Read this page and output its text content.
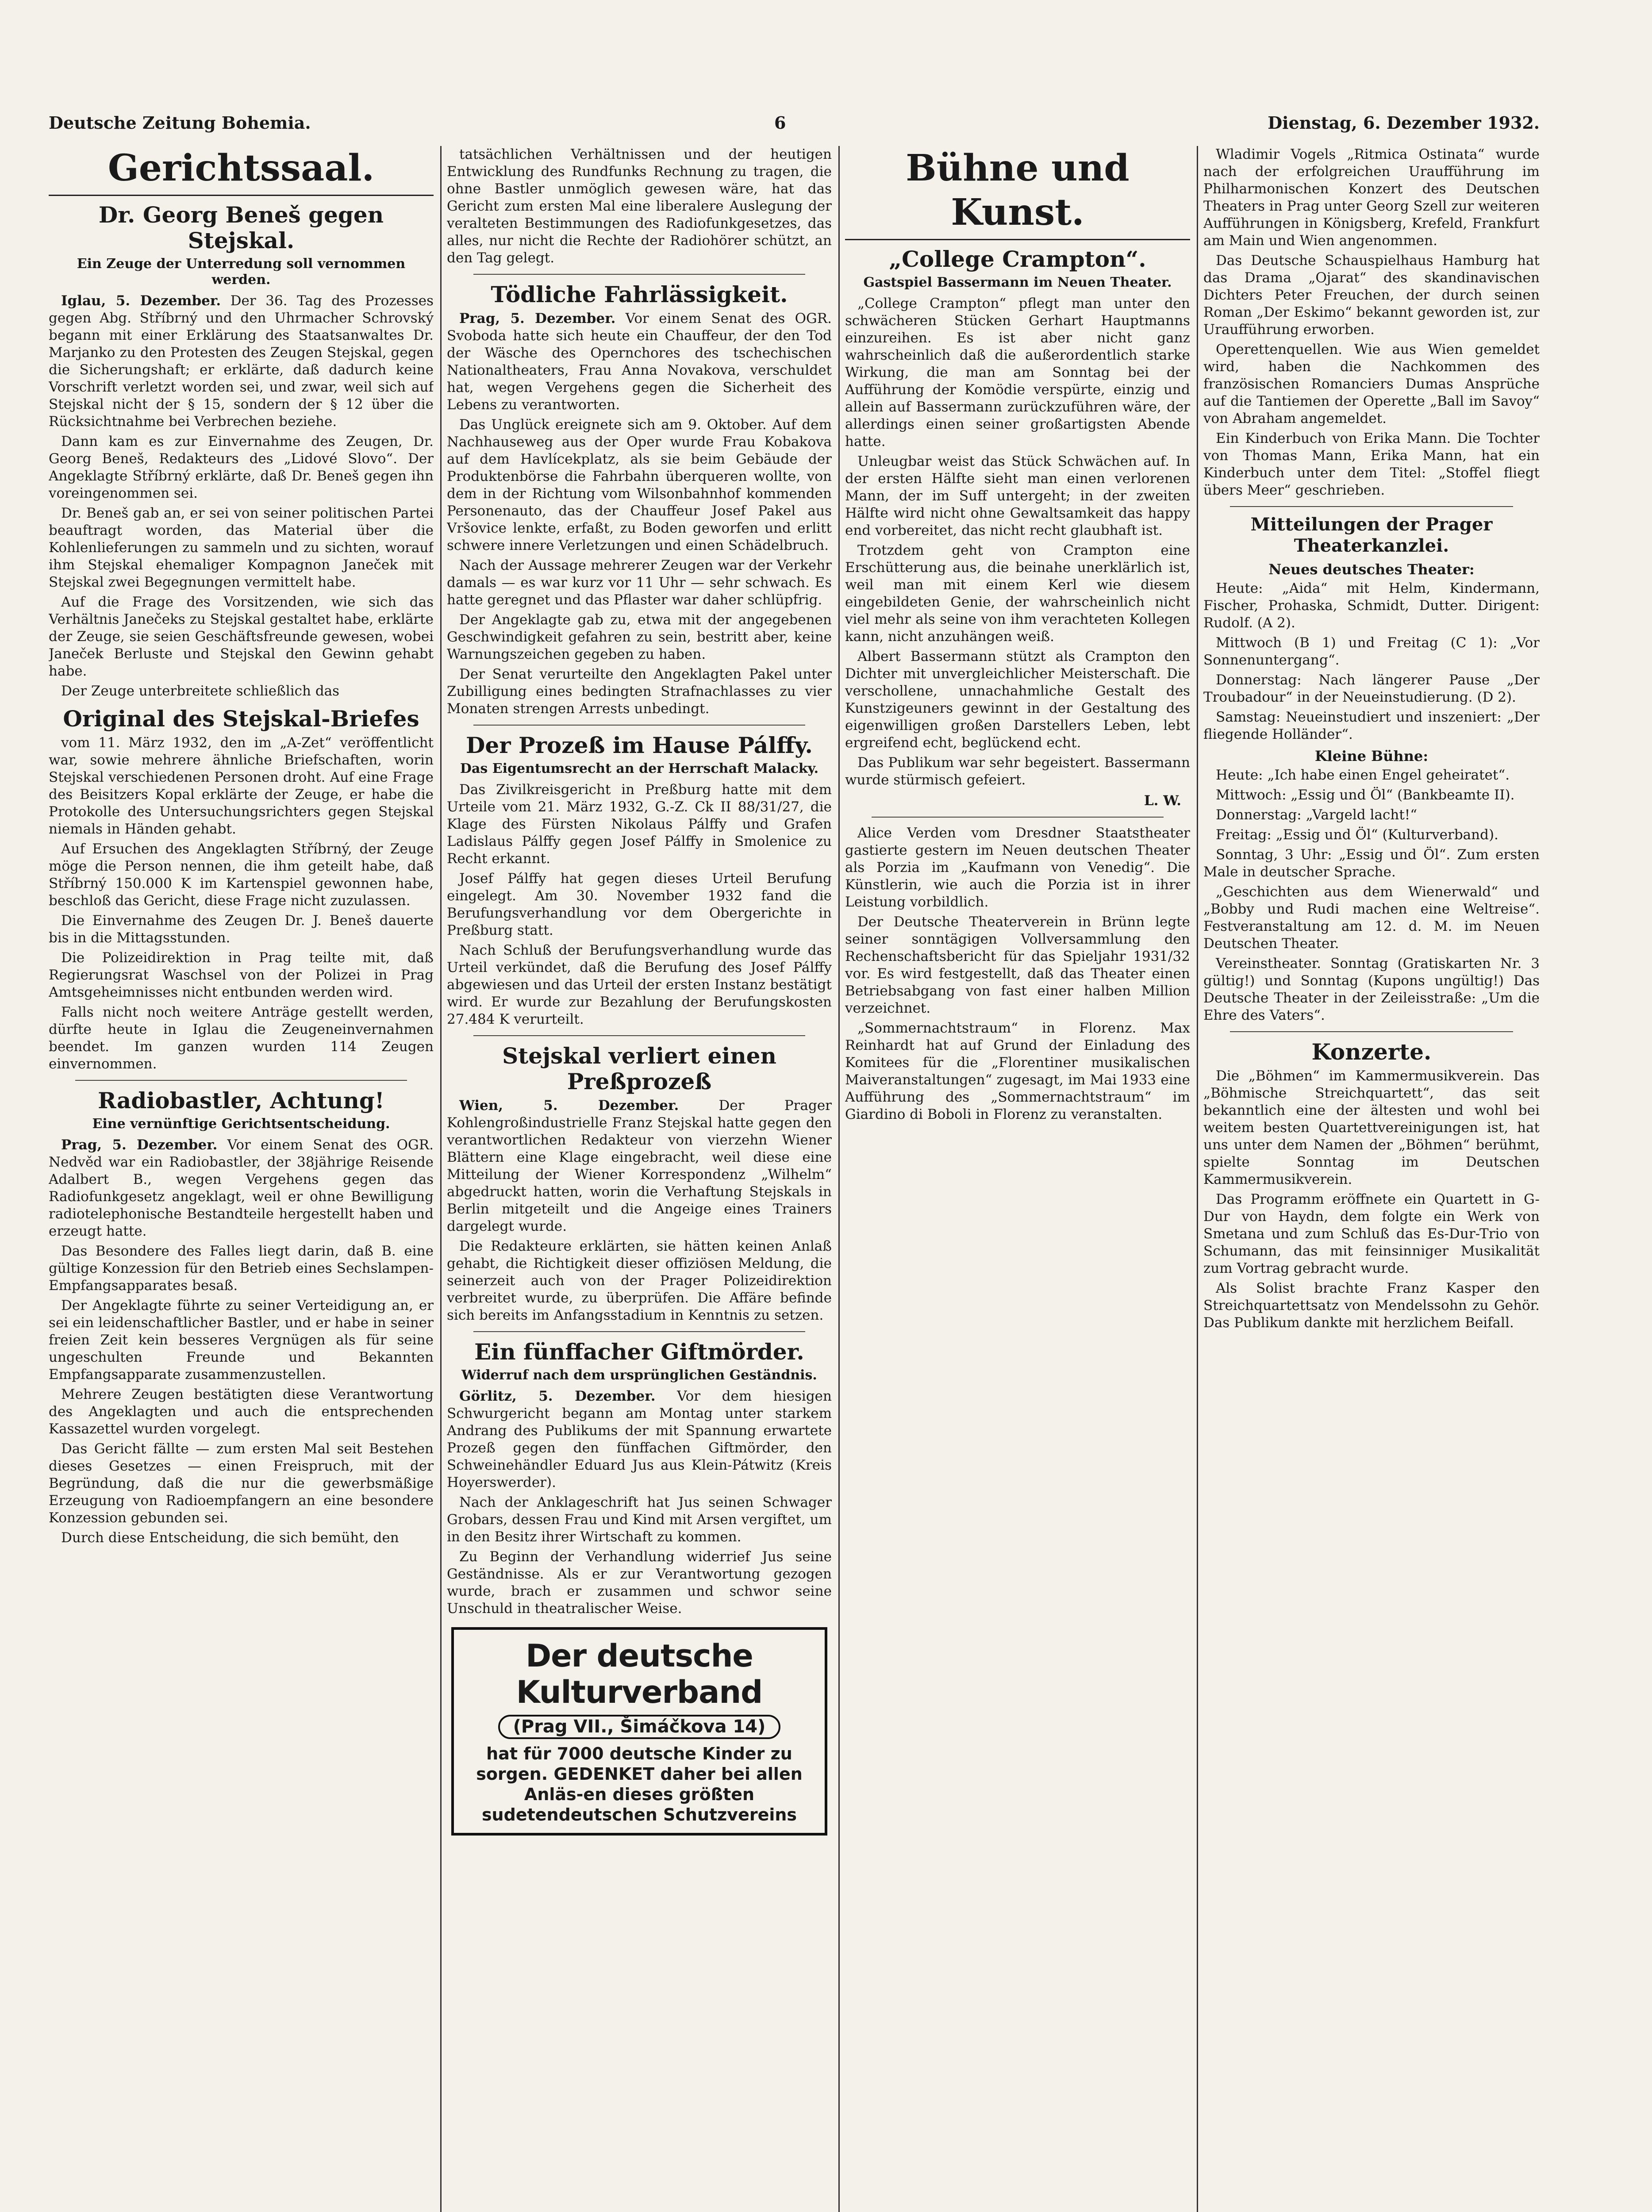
Deutsche Zeitung Bohemia.	6	Dienstag, 6. Dezember 1932.
Gerichtssaal.
Dr. Georg Beneš gegen Stejskal.
Ein Zeuge der Unterredung soll vernommen werden.

Iglau, 5. Dezember. Der 36. Tag des Prozesses gegen Abg. Stříbrný und den Uhrmacher Schrovský begann mit einer Erklärung des Staatsanwaltes Dr. Marjanko zu den Protesten des Zeugen Stejskal, gegen die Sicherungshaft; er erklärte, daß dadurch keine Vorschrift verletzt worden sei, und zwar, weil sich auf Stejskal nicht der § 15, sondern der § 12 über die Rücksichtnahme bei Verbrechen beziehe.

Dann kam es zur Einvernahme des Zeugen, Dr. Georg Beneš, Redakteurs des „Lidové Slovo“. Der Angeklagte Stříbrný erklärte, daß Dr. Beneš gegen ihn voreingenommen sei.

Dr. Beneš gab an, er sei von seiner politischen Partei beauftragt worden, das Material über die Kohlenlieferungen zu sammeln und zu sichten, worauf ihm Stejskal ehemaliger Kompagnon Janeček mit Stejskal zwei Begegnungen vermittelt habe.

Auf die Frage des Vorsitzenden, wie sich das Verhältnis Janečeks zu Stejskal gestaltet habe, erklärte der Zeuge, sie seien Geschäftsfreunde gewesen, wobei Janeček Berluste und Stejskal den Gewinn gehabt habe.

Der Zeuge unterbreitete schließlich das

Original des Stejskal-Briefes

vom 11. März 1932, den im „A-Zet“ veröffentlicht war, sowie mehrere ähnliche Briefschaften, worin Stejskal verschiedenen Personen droht. Auf eine Frage des Beisitzers Kopal erklärte der Zeuge, er habe die Protokolle des Untersuchungsrichters gegen Stejskal niemals in Händen gehabt.

Auf Ersuchen des Angeklagten Stříbrný, der Zeuge möge die Person nennen, die ihm geteilt habe, daß Stříbrný 150.000 K im Kartenspiel gewonnen habe, beschloß das Gericht, diese Frage nicht zuzulassen.

Die Einvernahme des Zeugen Dr. J. Beneš dauerte bis in die Mittagsstunden.

Die Polizeidirektion in Prag teilte mit, daß Regierungsrat Waschsel von der Polizei in Prag Amtsgeheimnisses nicht entbunden werden wird.

Falls nicht noch weitere Anträge gestellt werden, dürfte heute in Iglau die Zeugeneinvernahmen beendet. Im ganzen wurden 114 Zeugen einvernommen.

Radiobastler, Achtung!
Eine vernünftige Gerichtsentscheidung.

Prag, 5. Dezember. Vor einem Senat des OGR. Nedvěd war ein Radiobastler, der 38jährige Reisende Adalbert B., wegen Vergehens gegen das Radiofunkgesetz angeklagt, weil er ohne Bewilligung radiotelephonische Bestandteile hergestellt haben und erzeugt hatte.

Das Besondere des Falles liegt darin, daß B. eine gültige Konzession für den Betrieb eines Sechslampen-Empfangsapparates besaß.

Der Angeklagte führte zu seiner Verteidigung an, er sei ein leidenschaftlicher Bastler, und er habe in seiner freien Zeit kein besseres Vergnügen als für seine ungeschulten Freunde und Bekannten Empfangsapparate zusammenzustellen.

Mehrere Zeugen bestätigten diese Verantwortung des Angeklagten und auch die entsprechenden Kassazettel wurden vorgelegt.

Das Gericht fällte — zum ersten Mal seit Bestehen dieses Gesetzes — einen Freispruch, mit der Begründung, daß die nur die gewerbsmäßige Erzeugung von Radioempfangern an eine besondere Konzession gebunden sei.

Durch diese Entscheidung, die sich bemüht, den

tatsächlichen Verhältnissen und der heutigen Entwicklung des Rundfunks Rechnung zu tragen, die ohne Bastler unmöglich gewesen wäre, hat das Gericht zum ersten Mal eine liberalere Auslegung der veralteten Bestimmungen des Radiofunkgesetzes, das alles, nur nicht die Rechte der Radiohörer schützt, an den Tag gelegt.

Tödliche Fahrlässigkeit.

Prag, 5. Dezember. Vor einem Senat des OGR. Svoboda hatte sich heute ein Chauffeur, der den Tod der Wäsche des Opernchores des tschechischen Nationaltheaters, Frau Anna Novakova, verschuldet hat, wegen Vergehens gegen die Sicherheit des Lebens zu verantworten.

Das Unglück ereignete sich am 9. Oktober. Auf dem Nachhauseweg aus der Oper wurde Frau Kobakova auf dem Havlícekplatz, als sie beim Gebäude der Produktenbörse die Fahrbahn überqueren wollte, von dem in der Richtung vom Wilsonbahnhof kommenden Personenauto, das der Chauffeur Josef Pakel aus Vršovice lenkte, erfaßt, zu Boden geworfen und erlitt schwere innere Verletzungen und einen Schädelbruch.

Nach der Aussage mehrerer Zeugen war der Verkehr damals — es war kurz vor 11 Uhr — sehr schwach. Es hatte geregnet und das Pflaster war daher schlüpfrig.

Der Angeklagte gab zu, etwa mit der angegebenen Geschwindigkeit gefahren zu sein, bestritt aber, keine Warnungszeichen gegeben zu haben.

Der Senat verurteilte den Angeklagten Pakel unter Zubilligung eines bedingten Strafnachlasses zu vier Monaten strengen Arrests unbedingt.

Der Prozeß im Hause Pálffy.
Das Eigentumsrecht an der Herrschaft Malacky.

Das Zivilkreisgericht in Preßburg hatte mit dem Urteile vom 21. März 1932, G.-Z. Ck II 88/31/27, die Klage des Fürsten Nikolaus Pálffy und Grafen Ladislaus Pálffy gegen Josef Pálffy in Smolenice zu Recht erkannt.

Josef Pálffy hat gegen dieses Urteil Berufung eingelegt. Am 30. November 1932 fand die Berufungsverhandlung vor dem Obergerichte in Preßburg statt.

Nach Schluß der Berufungsverhandlung wurde das Urteil verkündet, daß die Berufung des Josef Pálffy abgewiesen und das Urteil der ersten Instanz bestätigt wird. Er wurde zur Bezahlung der Berufungskosten 27.484 K verurteilt.

Stejskal verliert einen Preßprozeß

Wien, 5. Dezember.	Der Prager Kohlengroßindustrielle Franz Stejskal hatte gegen den verantwortlichen Redakteur von vierzehn Wiener Blättern eine Klage eingebracht, weil diese eine Mitteilung der Wiener Korrespondenz „Wilhelm“ abgedruckt hatten, worin die Verhaftung Stejskals in Berlin mitgeteilt und die Angeige eines Trainers dargelegt wurde.

Die Redakteure erklärten, sie hätten keinen Anlaß gehabt, die Richtigkeit dieser offiziösen Meldung, die seinerzeit auch von der Prager Polizeidirektion verbreitet wurde, zu überprüfen. Die Affäre befinde sich bereits im Anfangsstadium in Kenntnis zu setzen.

Ein fünffacher Giftmörder.
Widerruf nach dem ursprünglichen Geständnis.

Görlitz, 5. Dezember. Vor dem hiesigen Schwurgericht begann am Montag unter starkem Andrang des Publikums der mit Spannung erwartete Prozeß gegen den fünffachen Giftmörder, den Schweinehändler Eduard Jus aus Klein-Pátwitz (Kreis Hoyerswerder).

Nach der Anklageschrift hat Jus seinen Schwager Grobars, dessen Frau und Kind mit Arsen vergiftet, um in den Besitz ihrer Wirtschaft zu kommen.

Zu Beginn der Verhandlung widerrief Jus seine Geständnisse. Als er zur Verantwortung gezogen wurde, brach er zusammen und schwor seine Unschuld in theatralischer Weise.

Der deutsche Kulturverband
(Prag VII., Šimáčkova 14)
hat für 7000 deutsche Kinder zu sorgen. GEDENKET daher bei allen Anläs-en dieses größten sudetendeutschen Schutzvereins
Bühne und Kunst.
„College Crampton“.
Gastspiel Bassermann im Neuen Theater.

„College Crampton“ pflegt man unter den schwächeren Stücken Gerhart Hauptmanns einzureihen. Es ist aber nicht ganz wahrscheinlich daß die außerordentlich starke Wirkung, die man am Sonntag bei der Aufführung der Komödie verspürte, einzig und allein auf Bassermann zurückzuführen wäre, der allerdings einen seiner großartigsten Abende hatte.

Unleugbar weist das Stück Schwächen auf. In der ersten Hälfte sieht man einen verlorenen Mann, der im Suff untergeht; in der zweiten Hälfte wird nicht ohne Gewaltsamkeit das happy end vorbereitet, das nicht recht glaubhaft ist.

Trotzdem geht von Crampton eine Erschütterung aus, die beinahe unerklärlich ist, weil man mit einem Kerl wie diesem eingebildeten Genie, der wahrscheinlich nicht viel mehr als seine von ihm verachteten Kollegen kann, nicht anzuhängen weiß.

Albert Bassermann stützt als Crampton den Dichter mit unvergleichlicher Meisterschaft. Die verschollene, unnachahmliche Gestalt des Kunstzigeuners gewinnt in der Gestaltung des eigenwilligen großen Darstellers Leben, lebt ergreifend echt, beglückend echt.

Das Publikum war sehr begeistert. Bassermann wurde stürmisch gefeiert.

L. W.

Alice Verden vom Dresdner Staatstheater gastierte gestern im Neuen deutschen Theater als Porzia im „Kaufmann von Venedig“. Die Künstlerin, wie auch die Porzia ist in ihrer Leistung vorbildlich.

Der Deutsche Theaterverein in Brünn legte seiner sonntägigen Vollversammlung den Rechenschaftsbericht für das Spieljahr 1931/32 vor. Es wird festgestellt, daß das Theater einen Betriebsabgang von fast einer halben Million verzeichnet.

„Sommernachtstraum“ in Florenz. Max Reinhardt hat auf Grund der Einladung des Komitees für die „Florentiner musikalischen Maiveranstaltungen“ zugesagt, im Mai 1933 eine Aufführung des „Sommernachtstraum“ im Giardino di Boboli in Florenz zu veranstalten.

Wladimir Vogels „Ritmica Ostinata“ wurde nach der erfolgreichen Uraufführung im Philharmonischen Konzert des Deutschen Theaters in Prag unter Georg Szell zur weiteren Aufführungen in Königsberg, Krefeld, Frankfurt am Main und Wien angenommen.

Das Deutsche Schauspielhaus Hamburg hat das Drama „Ojarat“ des skandinavischen Dichters Peter Freuchen, der durch seinen Roman „Der Eskimo“ bekannt geworden ist, zur Uraufführung erworben.

Operettenquellen. Wie aus Wien gemeldet wird, haben die Nachkommen des französischen Romanciers Dumas Ansprüche auf die Tantiemen der Operette „Ball im Savoy“ von Abraham angemeldet.

Ein Kinderbuch von Erika Mann. Die Tochter von Thomas Mann, Erika Mann, hat ein Kinderbuch unter dem Titel: „Stoffel fliegt übers Meer“ geschrieben.

Mitteilungen der Prager Theaterkanzlei.
Neues deutsches Theater:

Heute: „Aida“ mit Helm, Kindermann, Fischer, Prohaska, Schmidt, Dutter. Dirigent: Rudolf. (A 2).

Mittwoch (B 1) und Freitag (C 1): „Vor Sonnenuntergang“.

Donnerstag: Nach längerer Pause „Der Troubadour“ in der Neueinstudierung. (D 2).

Samstag: Neueinstudiert und inszeniert: „Der fliegende Holländer“.

Kleine Bühne:

Heute: „Ich habe einen Engel geheiratet“.

Mittwoch: „Essig und Öl“ (Bankbeamte II).

Donnerstag: „Vargeld lacht!“

Freitag: „Essig und Öl“ (Kulturverband).

Sonntag, 3 Uhr: „Essig und Öl“. Zum ersten Male in deutscher Sprache.

„Geschichten aus dem Wienerwald“ und „Bobby und Rudi machen eine Weltreise“. Festveranstaltung am 12. d. M. im Neuen Deutschen Theater.

Vereinstheater. Sonntag (Gratiskarten Nr. 3 gültig!) und Sonntag (Kupons ungültig!) Das Deutsche Theater in der Zeileisstraße: „Um die Ehre des Vaters“.

Konzerte.

Die „Böhmen“ im Kammermusikverein. Das „Böhmische Streichquartett“, das seit bekanntlich eine der ältesten und wohl bei weitem besten Quartettvereinigungen ist, hat uns unter dem Namen der „Böhmen“ berühmt, spielte Sonntag im Deutschen Kammermusikverein.

Das Programm eröffnete ein Quartett in G-Dur von Haydn, dem folgte ein Werk von Smetana und zum Schluß das Es-Dur-Trio von Schumann, das mit feinsinniger Musikalität zum Vortrag gebracht wurde.

Als Solist brachte Franz Kasper den Streichquartettsatz von Mendelssohn zu Gehör. Das Publikum dankte mit herzlichem Beifall.
